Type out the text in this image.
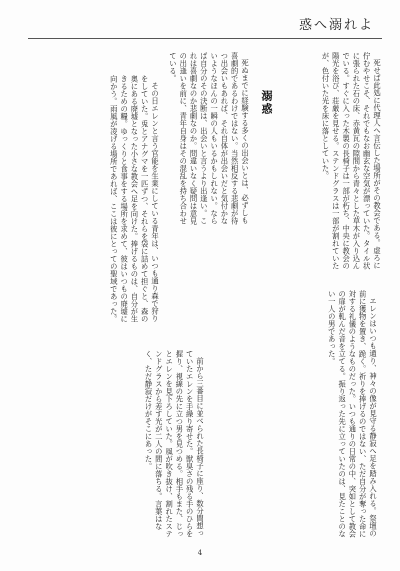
惑へ溺れよ
溺惑

死ぬまでに経験する多くの出会いとは、必ずしも喜劇的であるわけではない。当然相反する悲劇が待つ出会いもあれば、それ自体が出会いだと気付かないようなほんの一瞬の人もいるかもしれない。ならば自分のその決断は、出会いと言うより出逢い。これは喜劇なのか悲劇なのか。問違いなく疑問は意見の出逢いを前に、青年自身はその混乱を持ち合わせている。	死せば此処に代理人へ言伝した場所がその教会である。虚ろに佇むやせこそ、それでもなお幽玄な空気が漂っていた。タイル状に張られた石の床、赤黄瓦の隙間から青々とした草木が入り込んでいる。すぐに入った木製の長椅子は一部が朽ち、中央に教会の陽光を浴び、荘厳を見せる。ステンドグラスは一部が割れていたが、色付いた光を床に落としていた。

その日エレンと言う官能を生業にしている青年は、いつも通り森で狩りをしていた。兎とアナグマを一匹ずつ、それらを袋に詰めて担ぐと、森の奥にある廃墟となった小さな教会へ足を向けた。捧げるものは、自分が生きるための糧。ゆっくりと食事をする場所を求めて、彼はいつもの廃墟に向かう。雨風が凌げる場所であれば、ここは彼にとっての聖域であった。

エレンはいつも通り、神々の像が見守る静寂へ足を踏み入れる。祭壇の前に獲物を置き、跪く。祈りを捧げるのではない、ただ自分が奪った命に対する礼儀のようなものだった。いつも通りの日常の中、突如として教会の扉が軋んだ音を立てる。振り返った先に立っていたのは、見たことのない一人の男であった。

前から三番目に並べられた長椅子に座り、数分間想っていたエレンを手繰り寄せた。獣臭さの残る手のひらを握り、視線の先に立つ男を見つめる。相手もまた、じっとエレンを見下ろしていた。風が吹き抜け、割れたステンドグラスから差す光が二人の間に落ちる。言葉はなく、ただ静寂だけがそこにあった。

4
